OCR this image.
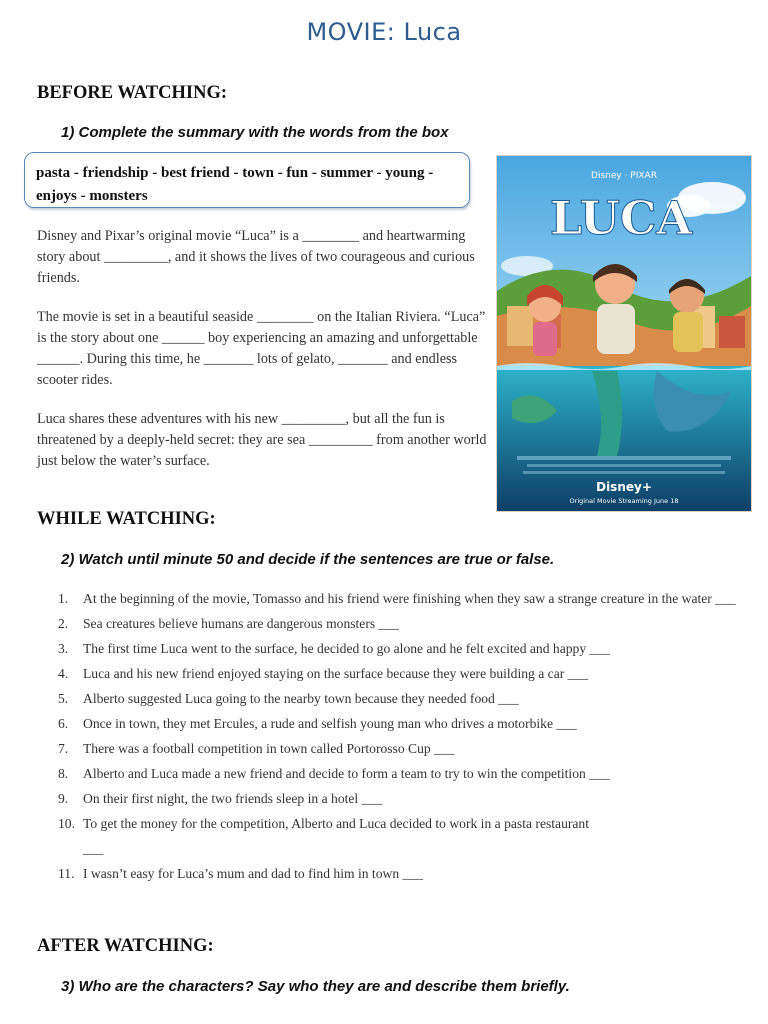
MOVIE: Luca
BEFORE WATCHING:
1) Complete the summary with the words from the box
pasta - friendship - best friend - town - fun - summer - young - enjoys - monsters
Disney and Pixar’s original movie “Luca” is a ________ and heartwarming story about _________, and it shows the lives of two courageous and curious friends.
The movie is set in a beautiful seaside ________ on the Italian Riviera. “Luca” is the story about one ______ boy experiencing an amazing and unforgettable ______. During this time, he _______ lots of gelato, _______ and endless scooter rides.
Luca shares these adventures with his new _________, but all the fun is threatened by a deeply-held secret: they are sea _________ from another world just below the water’s surface.
Disney · PIXAR
LUCA
Disney+
Original Movie Streaming June 18
WHILE WATCHING:
2) Watch until minute 50 and decide if the sentences are true or false.
1. At the beginning of the movie, Tomasso and his friend were finishing when they saw a strange creature in the water ___
2. Sea creatures believe humans are dangerous monsters ___
3. The first time Luca went to the surface, he decided to go alone and he felt excited and happy ___
4. Luca and his new friend enjoyed staying on the surface because they were building a car ___
5. Alberto suggested Luca going to the nearby town because they needed food ___
6. Once in town, they met Ercules, a rude and selfish young man who drives a motorbike ___
7. There was a football competition in town called Portorosso Cup ___
8. Alberto and Luca made a new friend and decide to form a team to try to win the competition ___
9. On their first night, the two friends sleep in a hotel ___
10. To get the money for the competition, Alberto and Luca decided to work in a pasta restaurant ___
11. I wasn’t easy for Luca’s mum and dad to find him in town ___
AFTER WATCHING:
3) Who are the characters? Say who they are and describe them briefly.
